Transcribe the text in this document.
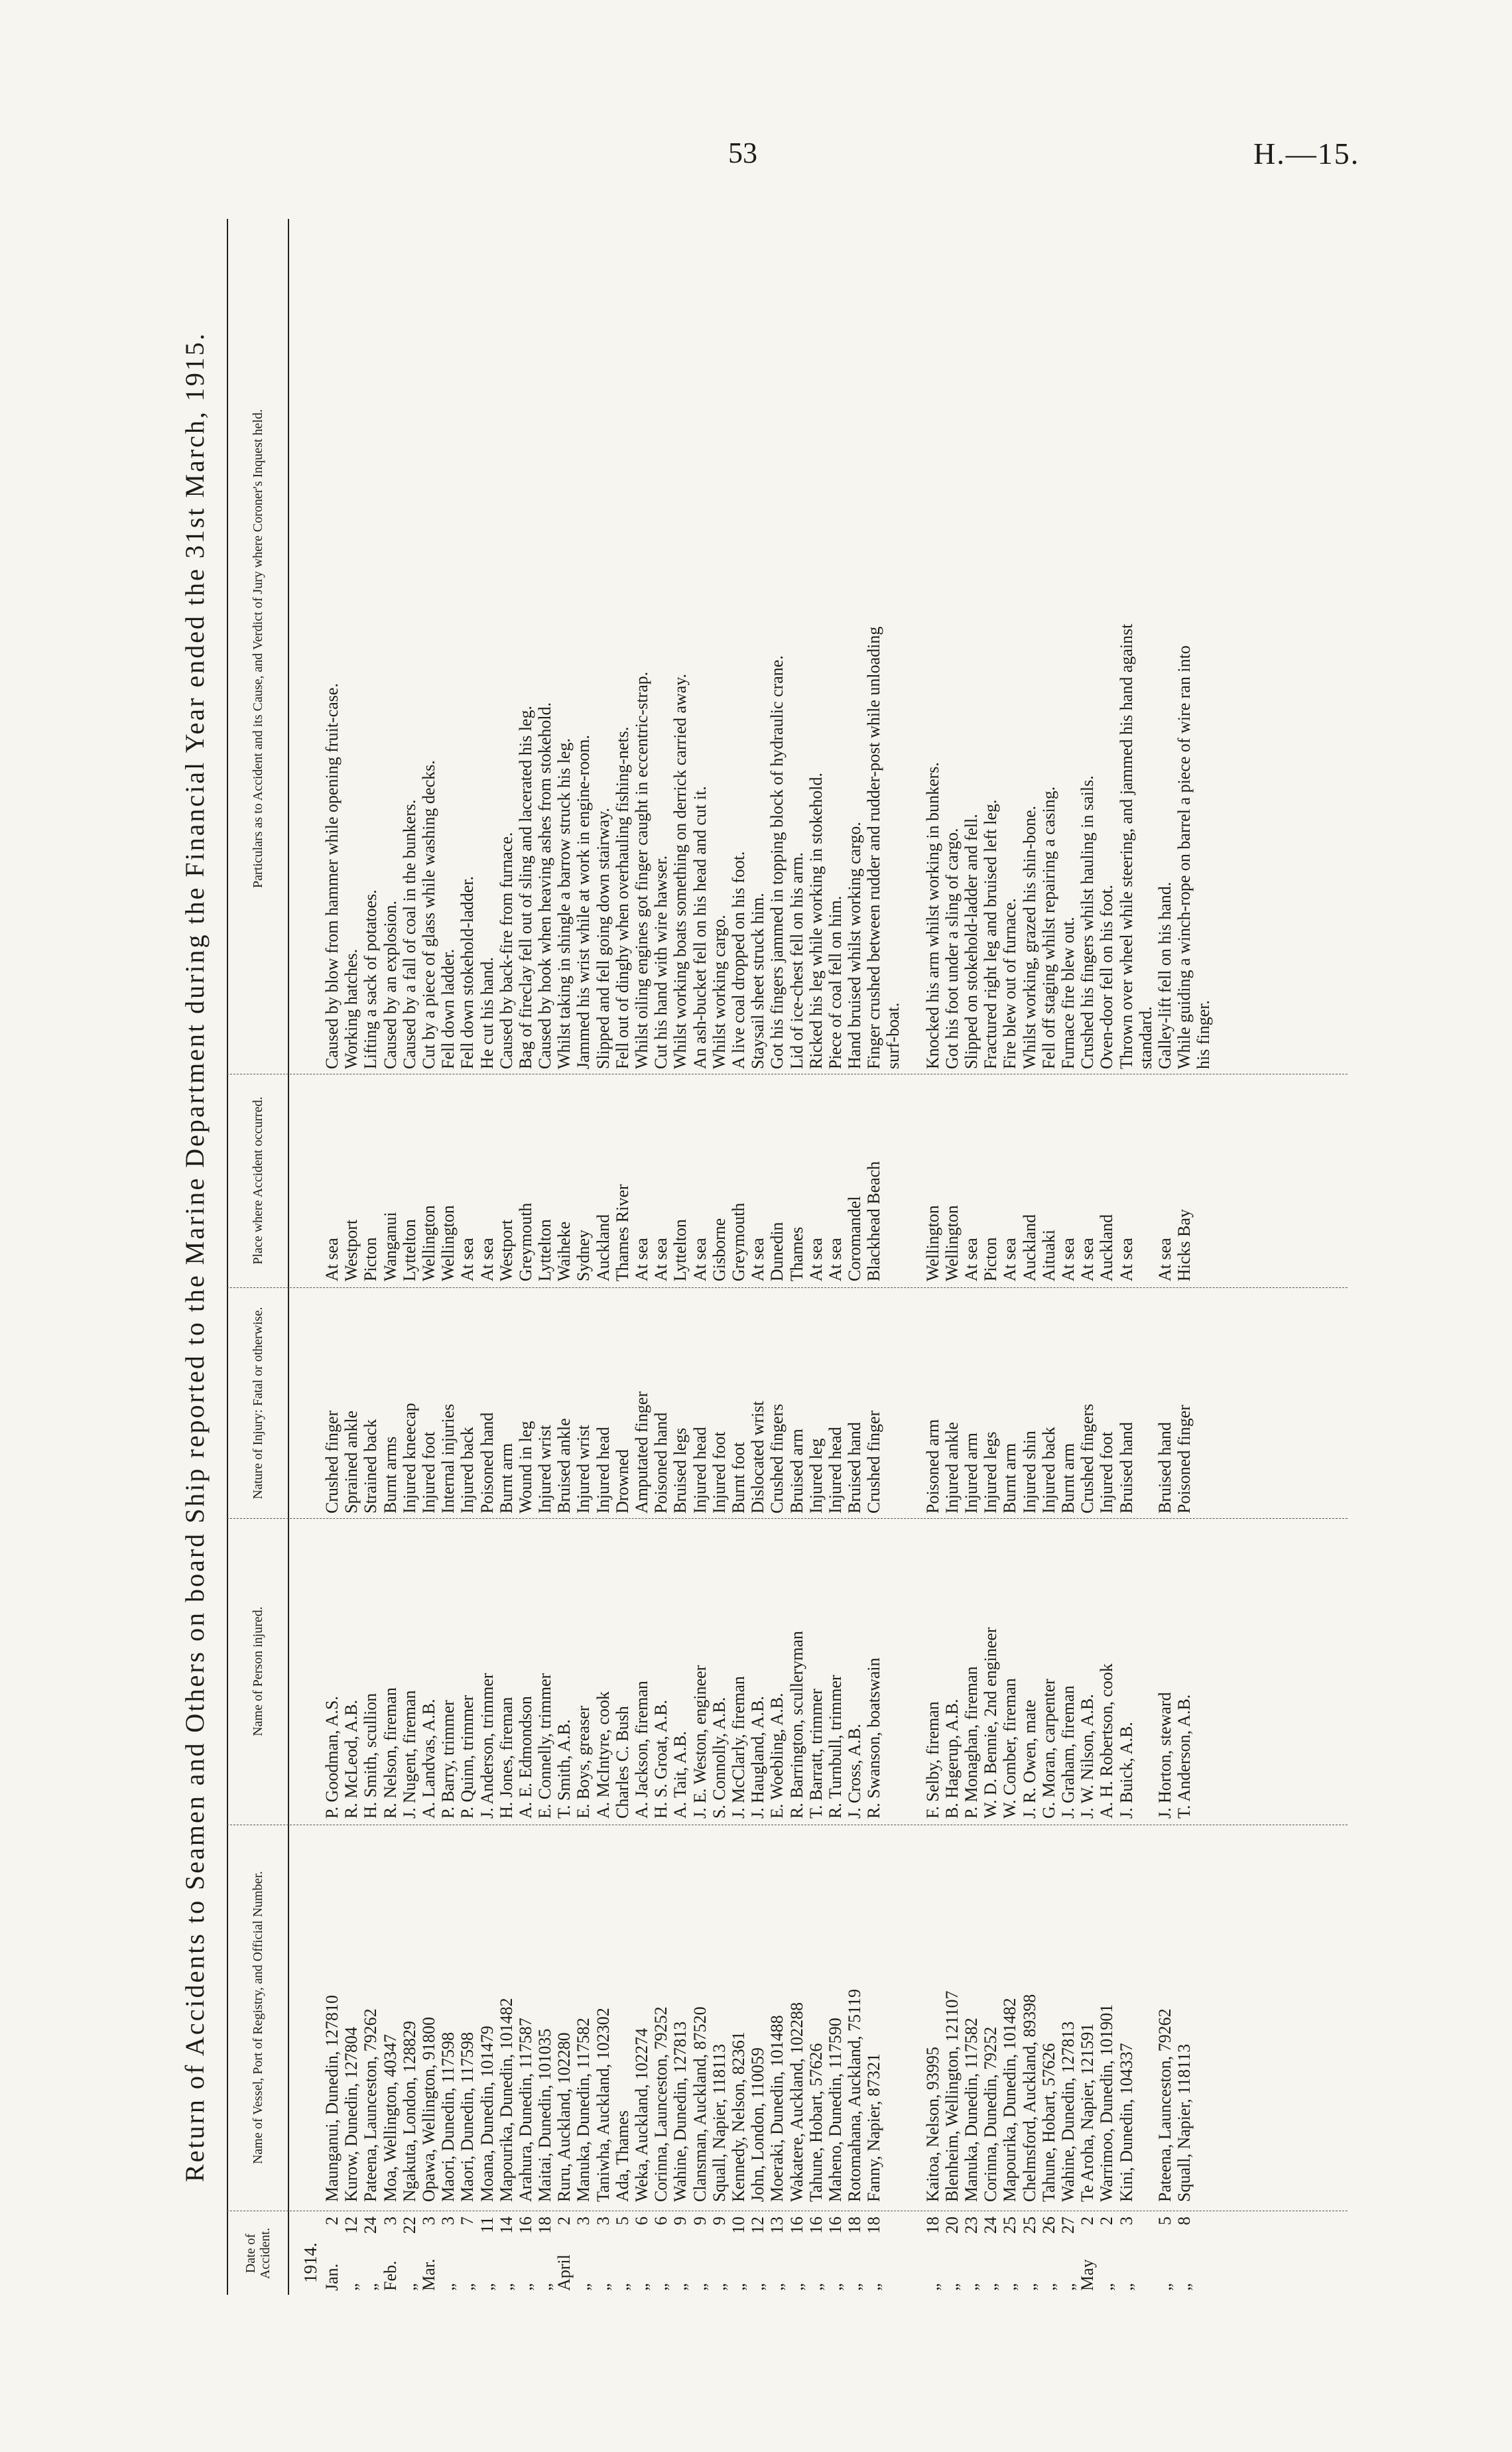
53	H.—15.
Return of Accidents to Seamen and Others on board Ship reported to the Marine Department during the Financial Year ended the 31st March, 1915.
Date of Accident.
Name of Vessel, Port of Registry, and Official Number.
Name of Person injured.
Nature of Injury: Fatal or otherwise.
Place where Accident occurred.
Particulars as to Accident and its Cause, and Verdict of Jury where Coroner's Inquest held.
1914. Jan.
2
Maunganui, Dunedin, 127810
P. Goodman, A.S.
Crushed finger
At sea
Caused by blow from hammer while opening fruit-case.
„
12
Kurow, Dunedin, 127804
R. McLeod, A.B.
Sprained ankle
Westport
Working hatches.
„
24
Pateena, Launceston, 79262
H. Smith, scullion
Strained back
Picton
Lifting a sack of potatoes.
Feb.
3
Moa, Wellington, 40347
R. Nelson, fireman
Burnt arms
Wanganui
Caused by an explosion.
„
22
Ngakuta, London, 128829
J. Nugent, fireman
Injured kneecap
Lyttelton
Caused by a fall of coal in the bunkers.
Mar.
3
Opawa, Wellington, 91800
A. Landvas, A.B.
Injured foot
Wellington
Cut by a piece of glass while washing decks.
„
3
Maori, Dunedin, 117598
P. Barry, trimmer
Internal injuries
Wellington
Fell down ladder.
„
7
Maori, Dunedin, 117598
P. Quinn, trimmer
Injured back
At sea
Fell down stokehold-ladder.
„
11
Moana, Dunedin, 101479
J. Anderson, trimmer
Poisoned hand
At sea
He cut his hand.
„
14
Mapourika, Dunedin, 101482
H. Jones, fireman
Burnt arm
Westport
Caused by back-fire from furnace.
„
16
Arahura, Dunedin, 117587
A. E. Edmondson
Wound in leg
Greymouth
Bag of fireclay fell out of sling and lacerated his leg.
„
18
Maitai, Dunedin, 101035
E. Connelly, trimmer
Injured wrist
Lyttelton
Caused by hook when heaving ashes from stokehold.
April
2
Ruru, Auckland, 102280
T. Smith, A.B.
Bruised ankle
Waiheke
Whilst taking in shingle a barrow struck his leg.
„
3
Manuka, Dunedin, 117582
E. Boys, greaser
Injured wrist
Sydney
Jammed his wrist while at work in engine-room.
„
3
Taniwha, Auckland, 102302
A. McIntyre, cook
Injured head
Auckland
Slipped and fell going down stairway.
„
5
Ada, Thames
Charles C. Bush
Drowned
Thames River
Fell out of dinghy when overhauling fishing-nets.
„
6
Weka, Auckland, 102274
A. Jackson, fireman
Amputated finger
At sea
Whilst oiling engines got finger caught in eccentric-strap.
„
6
Corinna, Launceston, 79252
H. S. Groat, A.B.
Poisoned hand
At sea
Cut his hand with wire hawser.
„
9
Wahine, Dunedin, 127813
A. Tait, A.B.
Bruised legs
Lyttelton
Whilst working boats something on derrick carried away.
„
9
Clansman, Auckland, 87520
J. E. Weston, engineer
Injured head
At sea
An ash-bucket fell on his head and cut it.
„
9
Squall, Napier, 118113
S. Connolly, A.B.
Injured foot
Gisborne
Whilst working cargo.
„
10
Kennedy, Nelson, 82361
J. McClarly, fireman
Burnt foot
Greymouth
A live coal dropped on his foot.
„
12
John, London, 110059
J. Haugland, A.B.
Dislocated wrist
At sea
Staysail sheet struck him.
„
13
Moeraki, Dunedin, 101488
E. Woebling, A.B.
Crushed fingers
Dunedin
Got his fingers jammed in topping block of hydraulic crane.
„
16
Wakatere, Auckland, 102288
R. Barrington, sculleryman
Bruised arm
Thames
Lid of ice-chest fell on his arm.
„
16
Tahune, Hobart, 57626
T. Barratt, trimmer
Injured leg
At sea
Ricked his leg while working in stokehold.
„
16
Maheno, Dunedin, 117590
R. Turnbull, trimmer
Injured head
At sea
Piece of coal fell on him.
„
18
Rotomahana, Auckland, 75119
J. Cross, A.B.
Bruised hand
Coromandel
Hand bruised whilst working cargo.
„
18
Fanny, Napier, 87321
R. Swanson, boatswain
Crushed finger
Blackhead Beach
Finger crushed between rudder and rudder-post while unloading surf-boat.
„
18
Kaitoa, Nelson, 93995
F. Selby, fireman
Poisoned arm
Wellington
Knocked his arm whilst working in bunkers.
„
20
Blenheim, Wellington, 121107
B. Hagerup, A.B.
Injured ankle
Wellington
Got his foot under a sling of cargo.
„
23
Manuka, Dunedin, 117582
P. Monaghan, fireman
Injured arm
At sea
Slipped on stokehold-ladder and fell.
„
24
Corinna, Dunedin, 79252
W. D. Bennie, 2nd engineer
Injured legs
Picton
Fractured right leg and bruised left leg.
„
25
Mapourika, Dunedin, 101482
W. Comber, fireman
Burnt arm
At sea
Fire blew out of furnace.
„
25
Chelmsford, Auckland, 89398
J. R. Owen, mate
Injured shin
Auckland
Whilst working, grazed his shin-bone.
„
26
Tahune, Hobart, 57626
G. Moran, carpenter
Injured back
Aituaki
Fell off staging whilst repairing a casing.
„
27
Wahine, Dunedin, 127813
J. Graham, fireman
Burnt arm
At sea
Furnace fire blew out.
May
2
Te Aroha, Napier, 121591
J. W. Nilson, A.B.
Crushed fingers
At sea
Crushed his fingers whilst hauling in sails.
„
2
Warrimoo, Dunedin, 101901
A. H. Robertson, cook
Injured foot
Auckland
Oven-door fell on his foot.
„
3
Kini, Dunedin, 104337
J. Buick, A.B.
Bruised hand
At sea
Thrown over wheel while steering, and jammed his hand against standard.
„
5
Pateena, Launceston, 79262
J. Horton, steward
Bruised hand
At sea
Galley-lift fell on his hand.
„
8
Squall, Napier, 118113
T. Anderson, A.B.
Poisoned finger
Hicks Bay
While guiding a winch-rope on barrel a piece of wire ran into his finger.
